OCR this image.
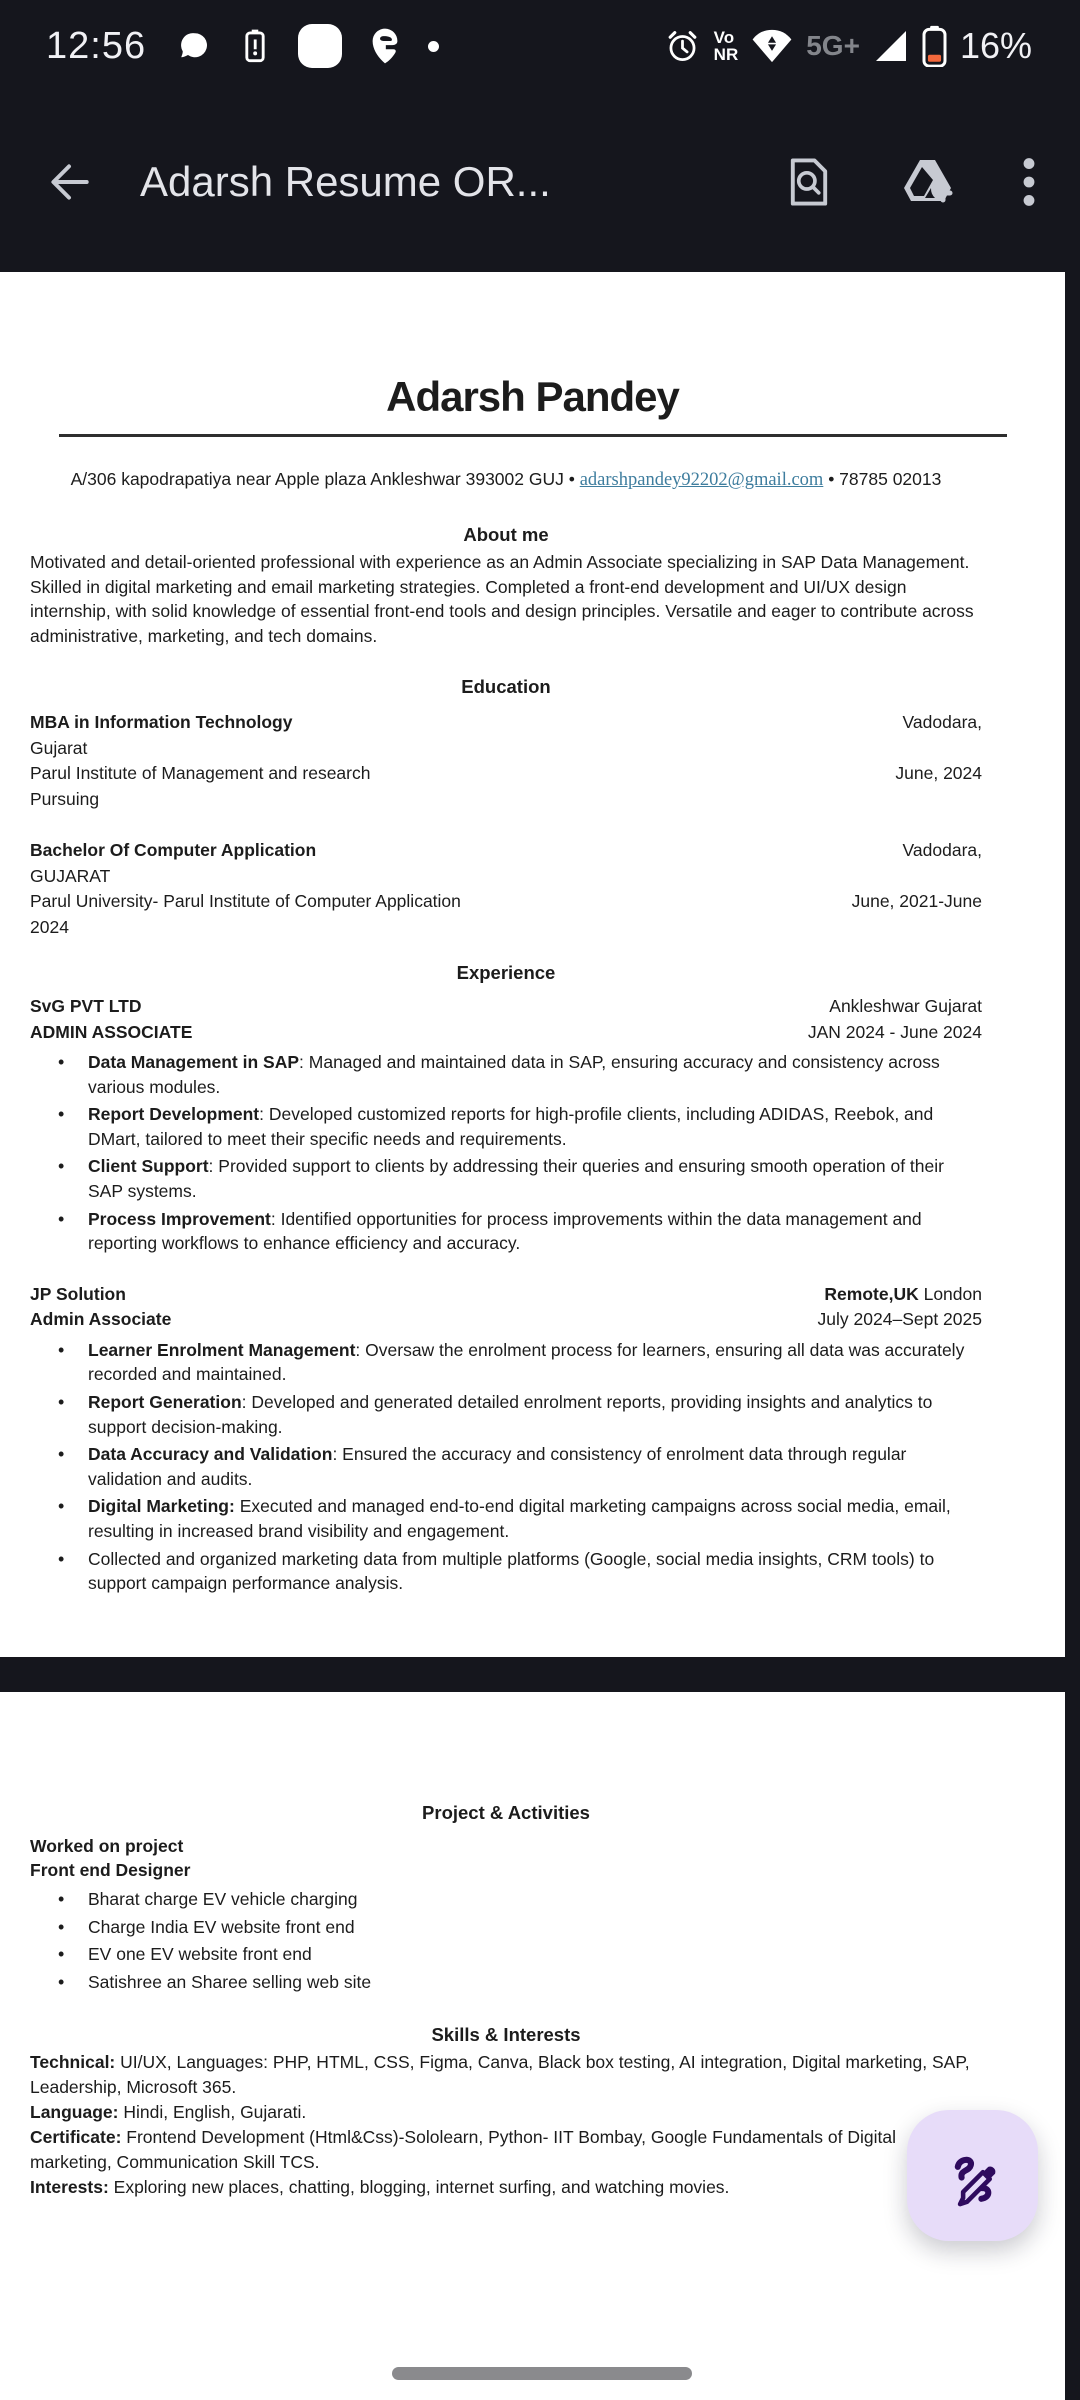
12:56	Vo
NR 5G+	16%
Adarsh Resume OR...
Adarsh Pandey

A/306 kapodrapatiya near Apple plaza Ankleshwar 393002 GUJ • adarshpandey92202@gmail.com • 78785 02013

About me

Motivated and detail-oriented professional with experience as an Admin Associate specializing in SAP Data Management. Skilled in digital marketing and email marketing strategies. Completed a front-end development and UI/UX design internship, with solid knowledge of essential front-end tools and design principles. Versatile and eager to contribute across administrative, marketing, and tech domains.

Education
MBA in Information Technology	Vadodara,
Gujarat
Parul Institute of Management and research	June, 2024
Pursuing
Bachelor Of Computer Application	Vadodara,
GUJARAT
Parul University- Parul Institute of Computer Application	June, 2021-June
2024
Experience
SvG PVT LTD	Ankleshwar Gujarat
ADMIN ASSOCIATE	JAN 2024 - June 2024
• Data Management in SAP: Managed and maintained data in SAP, ensuring accuracy and consistency across various modules.
• Report Development: Developed customized reports for high-profile clients, including ADIDAS, Reebok, and DMart, tailored to meet their specific needs and requirements.
• Client Support: Provided support to clients by addressing their queries and ensuring smooth operation of their SAP systems.
• Process Improvement: Identified opportunities for process improvements within the data management and reporting workflows to enhance efficiency and accuracy.
JP Solution	Remote,UK London
Admin Associate	July 2024–Sept 2025
• Learner Enrolment Management: Oversaw the enrolment process for learners, ensuring all data was accurately recorded and maintained.
• Report Generation: Developed and generated detailed enrolment reports, providing insights and analytics to support decision-making.
• Data Accuracy and Validation: Ensured the accuracy and consistency of enrolment data through regular validation and audits.
• Digital Marketing: Executed and managed end-to-end digital marketing campaigns across social media, email, resulting in increased brand visibility and engagement.
• Collected and organized marketing data from multiple platforms (Google, social media insights, CRM tools) to support campaign performance analysis.
Project & Activities
Worked on project
Front end Designer
• Bharat charge EV vehicle charging
• Charge India EV website front end
• EV one EV website front end
• Satishree an Sharee selling web site
Skills & Interests
Technical: UI/UX, Languages: PHP, HTML, CSS, Figma, Canva, Black box testing, AI integration, Digital marketing, SAP, Leadership, Microsoft 365.
Language: Hindi, English, Gujarati.
Certificate: Frontend Development (Html&Css)-Sololearn, Python- IIT Bombay, Google Fundamentals of Digital marketing, Communication Skill TCS.
Interests: Exploring new places, chatting, blogging, internet surfing, and watching movies.
